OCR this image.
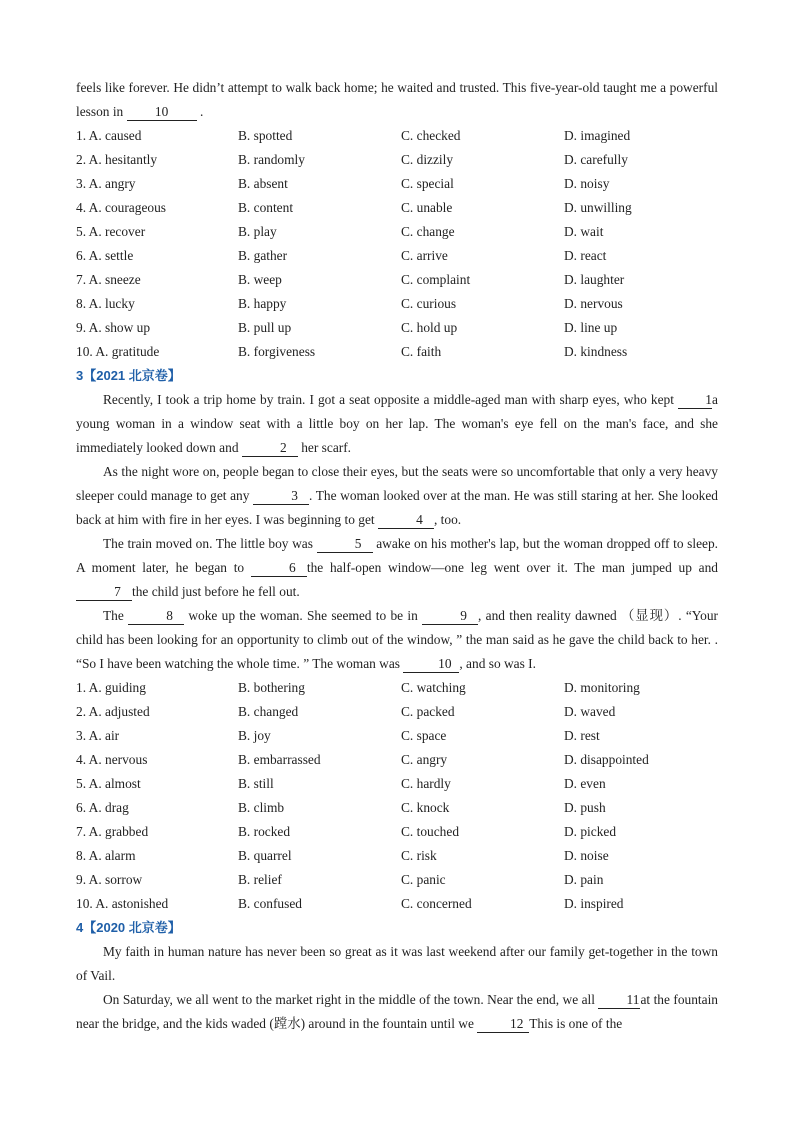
feels like forever. He didn’t attempt to walk back home; he waited and trusted. This five-year-old taught me a powerful lesson in 10 .

1. A. caused	B. spotted	C. checked	D. imagined
2. A. hesitantly	B. randomly	C. dizzily	D. carefully
3. A. angry	B. absent	C. special	D. noisy
4. A. courageous	B. content	C. unable	D. unwilling
5. A. recover	B. play	C. change	D. wait
6. A. settle	B. gather	C. arrive	D. react
7. A. sneeze	B. weep	C. complaint	D. laughter
8. A. lucky	B. happy	C. curious	D. nervous
9. A. show up	B. pull up	C. hold up	D. line up
10. A. gratitude	B. forgiveness	C. faith	D. kindness
3【2021 北京卷】

Recently, I took a trip home by train. I got a seat opposite a middle-aged man with sharp eyes, who kept 1a young woman in a window seat with a little boy on her lap. The woman's eye fell on the man's face, and she immediately looked down and	2 her scarf.

As the night wore on, people began to close their eyes, but the seats were so uncomfortable that only a very heavy sleeper could manage to get any	3 . The woman looked over at the man. He was still staring at her. She looked back at him with fire in her eyes. I was beginning to get	4 , too.

The train moved on. The little boy was	5 awake on his mother's lap, but the woman dropped off to sleep. A moment later, he began to	6 the half-open window—one leg went over it. The man jumped up and 7 the child just before he fell out.

The	8 woke up the woman. She seemed to be in	9 , and then reality dawned （显现）. “Your child has been looking for an opportunity to climb out of the window, ” the man said as he gave the child back to her. . “So I have been watching the whole time. ” The woman was	10 , and so was I.

1. A. guiding	B. bothering	C. watching	D. monitoring
2. A. adjusted	B. changed	C. packed	D. waved
3. A. air	B. joy	C. space	D. rest
4. A. nervous	B. embarrassed	C. angry	D. disappointed
5. A. almost	B. still	C. hardly	D. even
6. A. drag	B. climb	C. knock	D. push
7. A. grabbed	B. rocked	C. touched	D. picked
8. A. alarm	B. quarrel	C. risk	D. noise
9. A. sorrow	B. relief	C. panic	D. pain
10. A. astonished	B. confused	C. concerned	D. inspired
4【2020 北京卷】

My faith in human nature has never been so great as it was last weekend after our family get-together in the town of Vail.

On Saturday, we all went to the market right in the middle of the town. Near the end, we all 11at the fountain near the bridge, and the kids waded (蹚水) around in the fountain until we 12 This is one of the
